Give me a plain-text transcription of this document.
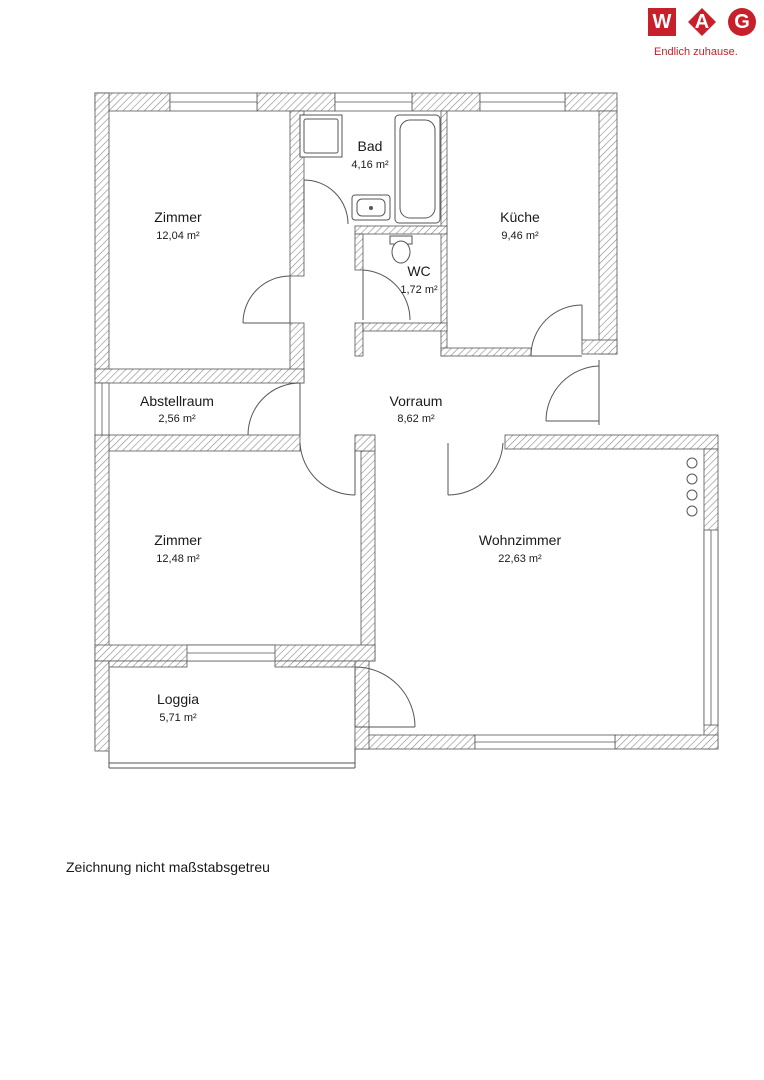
W	A	G
Endlich zuhause.
Zimmer
12,04 m²
Bad
4,16 m²
Küche
9,46 m²
WC
1,72 m²
Abstellraum
2,56 m²
Vorraum
8,62 m²
Zimmer
12,48 m²
Wohnzimmer
22,63 m²
Loggia
5,71 m²
Zeichnung nicht maßstabsgetreu
